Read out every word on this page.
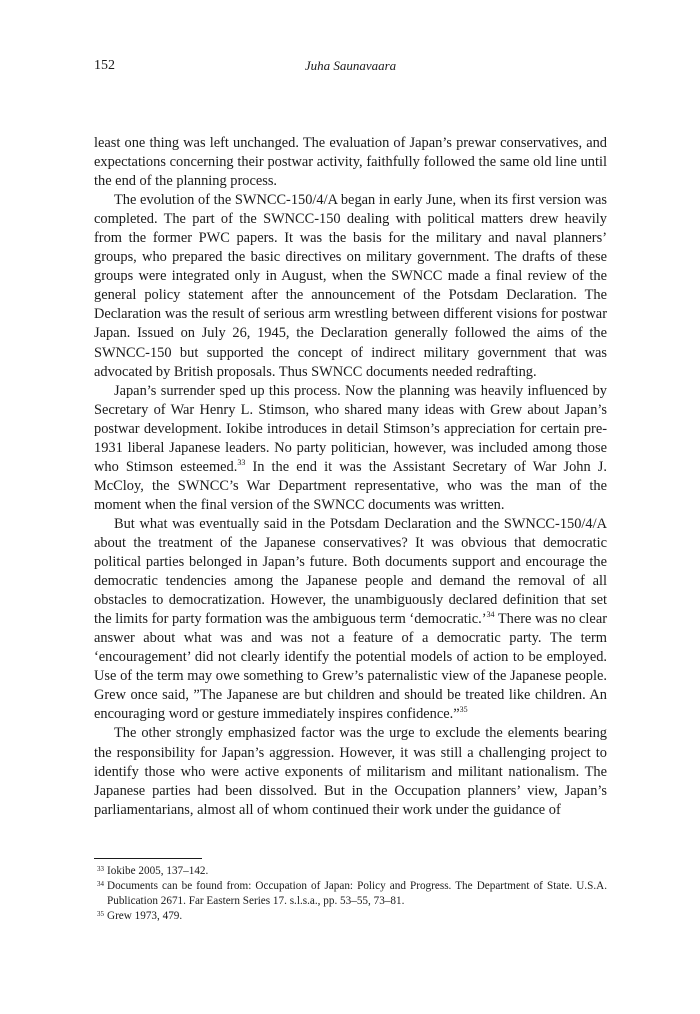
152	Juha Saunavaara

least one thing was left unchanged. The evaluation of Japan’s prewar conservatives, and expectations concerning their postwar activity, faithfully followed the same old line until the end of the planning process.

The evolution of the SWNCC-150/4/A began in early June, when its first version was completed. The part of the SWNCC-150 dealing with political matters drew heavily from the former PWC papers. It was the basis for the military and naval planners’ groups, who prepared the basic directives on military government. The drafts of these groups were integrated only in August, when the SWNCC made a final review of the general policy statement after the announcement of the Potsdam Declaration. The Declaration was the result of serious arm wrestling between different visions for postwar Japan. Issued on July 26, 1945, the Declaration generally followed the aims of the SWNCC-150 but supported the concept of indirect military government that was advocated by British proposals. Thus SWNCC documents needed redrafting.

Japan’s surrender sped up this process. Now the planning was heavily influenced by Secretary of War Henry L. Stimson, who shared many ideas with Grew about Japan’s postwar development. Iokibe introduces in detail Stimson’s appreciation for certain pre-1931 liberal Japanese leaders. No party politician, however, was included among those who Stimson esteemed.$^{33}$ In the end it was the Assistant Secretary of War John J. McCloy, the SWNCC’s War Department representative, who was the man of the moment when the final version of the SWNCC documents was written.

But what was eventually said in the Potsdam Declaration and the SWNCC-150/4/A about the treatment of the Japanese conservatives? It was obvious that democratic political parties belonged in Japan’s future. Both documents support and encourage the democratic tendencies among the Japanese people and demand the removal of all obstacles to democratization. However, the unambiguously declared definition that set the limits for party formation was the ambiguous term ‘democratic.’$^{34}$ There was no clear answer about what was and was not a feature of a democratic party. The term ‘encouragement’ did not clearly identify the potential models of action to be employed. Use of the term may owe something to Grew’s paternalistic view of the Japanese people. Grew once said, ”The Japanese are but children and should be treated like children. An encouraging word or gesture immediately inspires confidence.”$^{35}$

The other strongly emphasized factor was the urge to exclude the elements bearing the responsibility for Japan’s aggression. However, it was still a challenging project to identify those who were active exponents of militarism and militant nationalism. The Japanese parties had been dissolved. But in the Occupation planners’ view, Japan’s parliamentarians, almost all of whom continued their work under the guidance of

33 Iokibe 2005, 137–142.

34 Documents can be found from: Occupation of Japan: Policy and Progress. The Department of State. U.S.A. Publication 2671. Far Eastern Series 17. s.l.s.a., pp. 53–55, 73–81.

35 Grew 1973, 479.
